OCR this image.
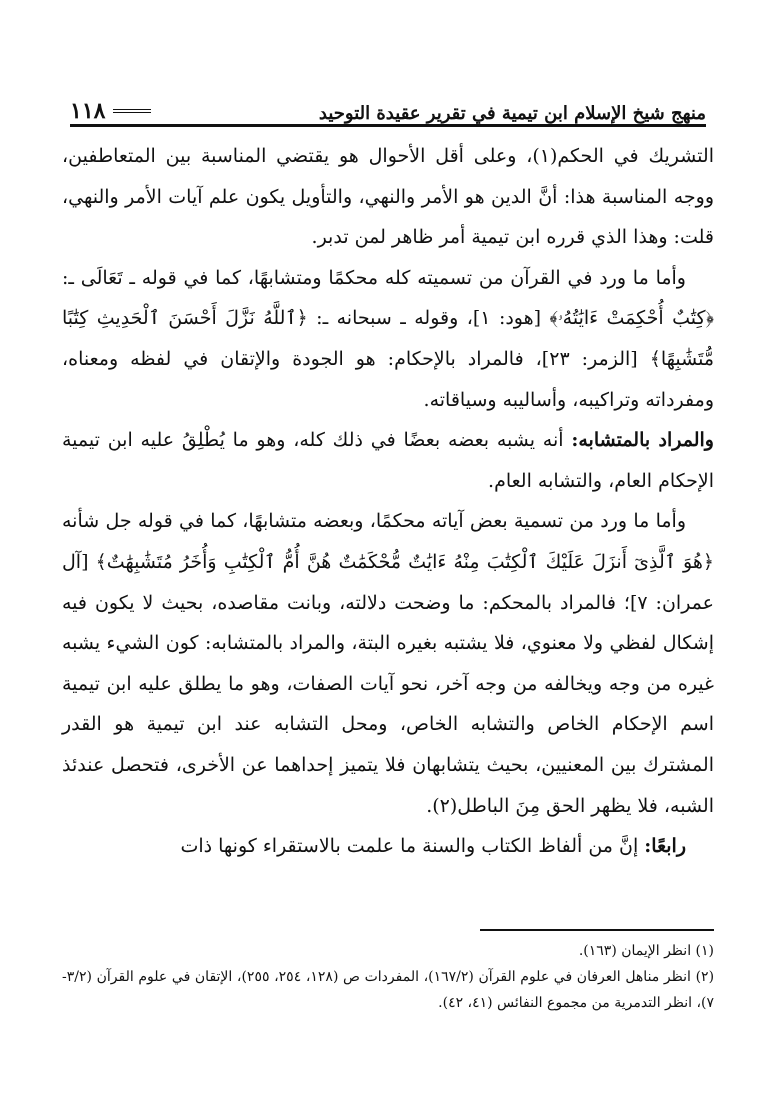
١١٨	منهج شيخ الإسلام ابن تيمية في تقرير عقيدة التوحيد

التشريك في الحكم(١)، وعلى أقل الأحوال هو يقتضي المناسبة بين المتعاطفين، ووجه المناسبة هذا: أنَّ الدين هو الأمر والنهي، والتأويل يكون علم آيات الأمر والنهي، قلت: وهذا الذي قرره ابن تيمية أمر ظاهر لمن تدبر.

وأما ما ورد في القرآن من تسميته كله محكمًا ومتشابهًا، كما في قوله ـ تَعَالَى ـ: ﴿كِتَٰبٌ أُحْكِمَتْ ءَايَٰتُهُۥ﴾ [هود: ١]، وقوله ـ سبحانه ـ: ﴿ٱللَّهُ نَزَّلَ أَحْسَنَ ٱلْحَدِيثِ كِتَٰبًا مُّتَشَٰبِهًا﴾ [الزمر: ٢٣]، فالمراد بالإحكام: هو الجودة والإتقان في لفظه ومعناه، ومفرداته وتراكيبه، وأساليبه وسياقاته.

والمراد بالمتشابه: أنه يشبه بعضه بعضًا في ذلك كله، وهو ما يُطْلِقُ عليه ابن تيمية الإحكام العام، والتشابه العام.

وأما ما ورد من تسمية بعض آياته محكمًا، وبعضه متشابهًا، كما في قوله جل شأنه ﴿هُوَ ٱلَّذِىٓ أَنزَلَ عَلَيْكَ ٱلْكِتَٰبَ مِنْهُ ءَايَٰتٌ مُّحْكَمَٰتٌ هُنَّ أُمُّ ٱلْكِتَٰبِ وَأُخَرُ مُتَشَٰبِهَٰتٌ﴾ [آل عمران: ٧]؛ فالمراد بالمحكم: ما وضحت دلالته، وبانت مقاصده، بحيث لا يكون فيه إشكال لفظي ولا معنوي، فلا يشتبه بغيره البتة، والمراد بالمتشابه: كون الشيء يشبه غيره من وجه ويخالفه من وجه آخر، نحو آيات الصفات، وهو ما يطلق عليه ابن تيمية اسم الإحكام الخاص والتشابه الخاص، ومحل التشابه عند ابن تيمية هو القدر المشترك بين المعنيين، بحيث يتشابهان فلا يتميز إحداهما عن الأخرى، فتحصل عندئذ الشبه، فلا يظهر الحق مِنَ الباطل(٢).

رابعًا: إنَّ من ألفاظ الكتاب والسنة ما علمت بالاستقراء كونها ذات

(١) انظر الإيمان (١٦٣).

(٢) انظر مناهل العرفان في علوم القرآن (١٦٧/٢)، المفردات ص (١٢٨، ٢٥٤، ٢٥٥)، الإتقان في علوم القرآن (٣/٢- ٧)، انظر التدمرية من مجموع النفائس (٤١، ٤٢).
